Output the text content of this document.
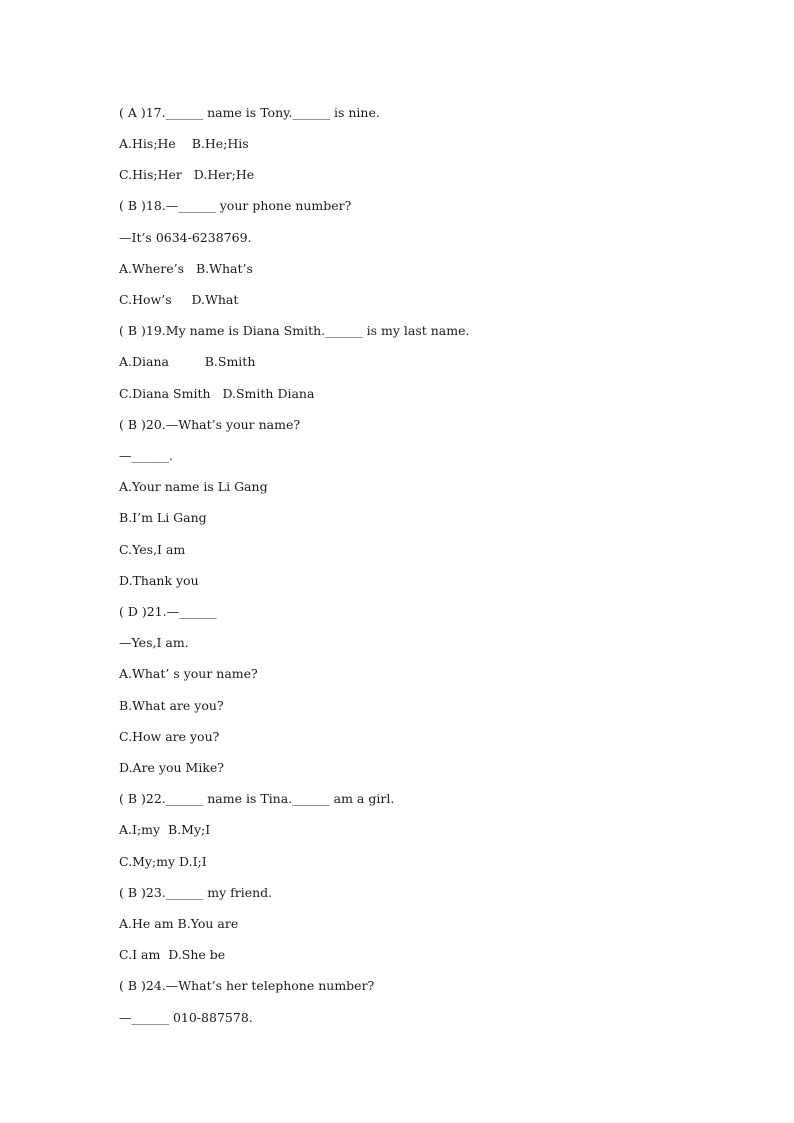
( A )17.______ name is Tony.______ is nine.
A.His;He    B.He;His
C.His;Her   D.Her;He
( B )18.—______ your phone number?
—It’s 0634-6238769.
A.Where’s   B.What’s
C.How’s     D.What
( B )19.My name is Diana Smith.______ is my last name.
A.Diana         B.Smith
C.Diana Smith   D.Smith Diana
( B )20.—What’s your name?
—______.
A.Your name is Li Gang
B.I’m Li Gang
C.Yes,I am
D.Thank you
( D )21.—______
—Yes,I am.
A.What’ s your name?
B.What are you?
C.How are you?
D.Are you Mike?
( B )22.______ name is Tina.______ am a girl.
A.I;my  B.My;I
C.My;my D.I;I
( B )23.______ my friend.
A.He am B.You are
C.I am  D.She be
( B )24.—What’s her telephone number?
—______ 010-887578.
